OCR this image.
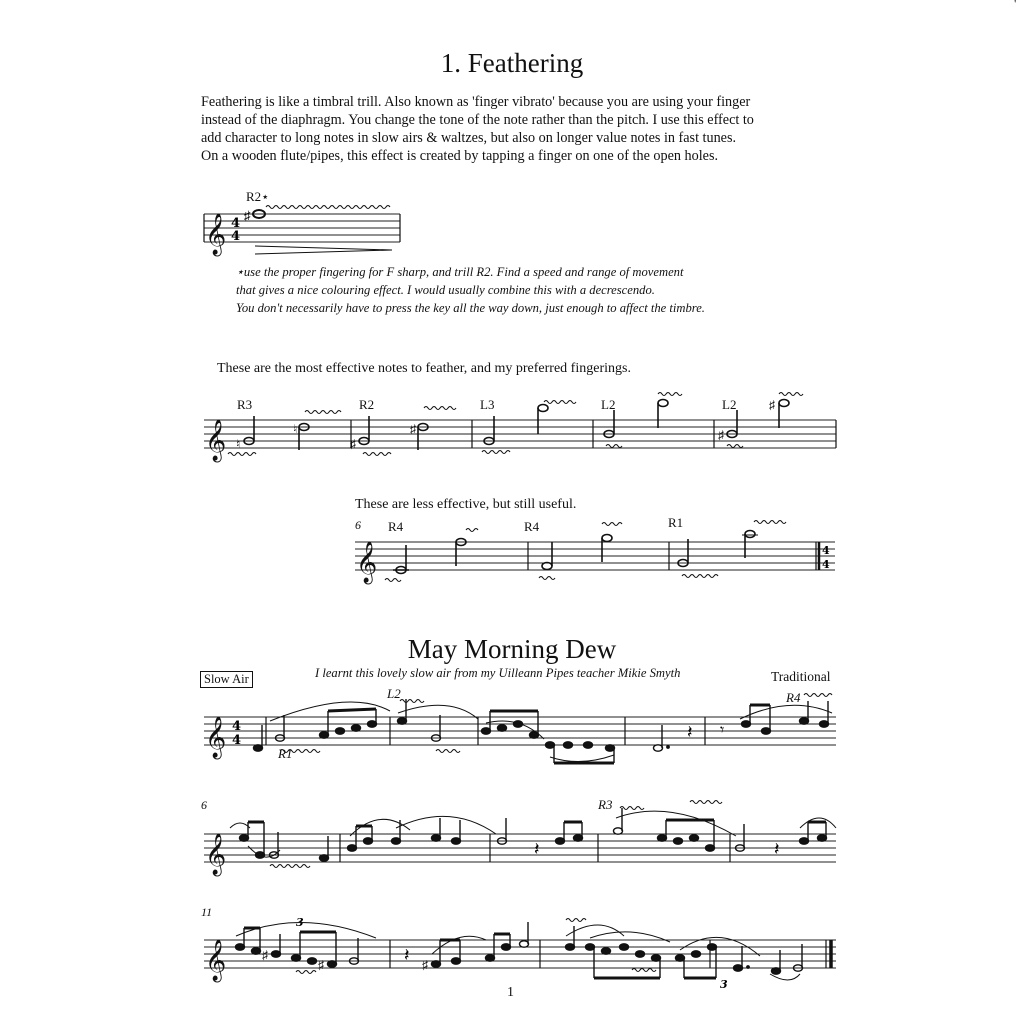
'
1. Feathering
Feathering is like a timbral trill. Also known as 'finger vibrato' because you are using your finger
instead of the diaphragm. You change the tone of the note rather than the pitch. I use this effect to
add character to long notes in slow airs & waltzes, but also on longer value notes in fast tunes.
On a wooden flute/pipes, this effect is created by tapping a finger on one of the open holes.
R2⋆
𝄞 4
4
♯
⋆use the proper fingering for F sharp, and trill R2. Find a speed and range of movement
that gives a nice colouring effect. I would usually combine this with a decrescendo.
You don't necessarily have to press the key all the way down, just enough to affect the timbre.

These are the most effective notes to feather, and my preferred fingerings.

R3	R2	L3	L2	L2
𝄞 ♮
♮
♯
♯	♯
♯

These are less effective, but still useful.

6 R4	R4	R1
𝄞	4
4
May Morning Dew
Slow Air	I learnt this lovely slow air from my Uilleann Pipes teacher Mikie Smyth	Traditional
L2
R1
R4
𝄞 4
4	𝄽 𝄾
6	R3
𝄞	𝄽	𝄽
11
𝄞
3
3
♯
♯	♯
𝄽
1
